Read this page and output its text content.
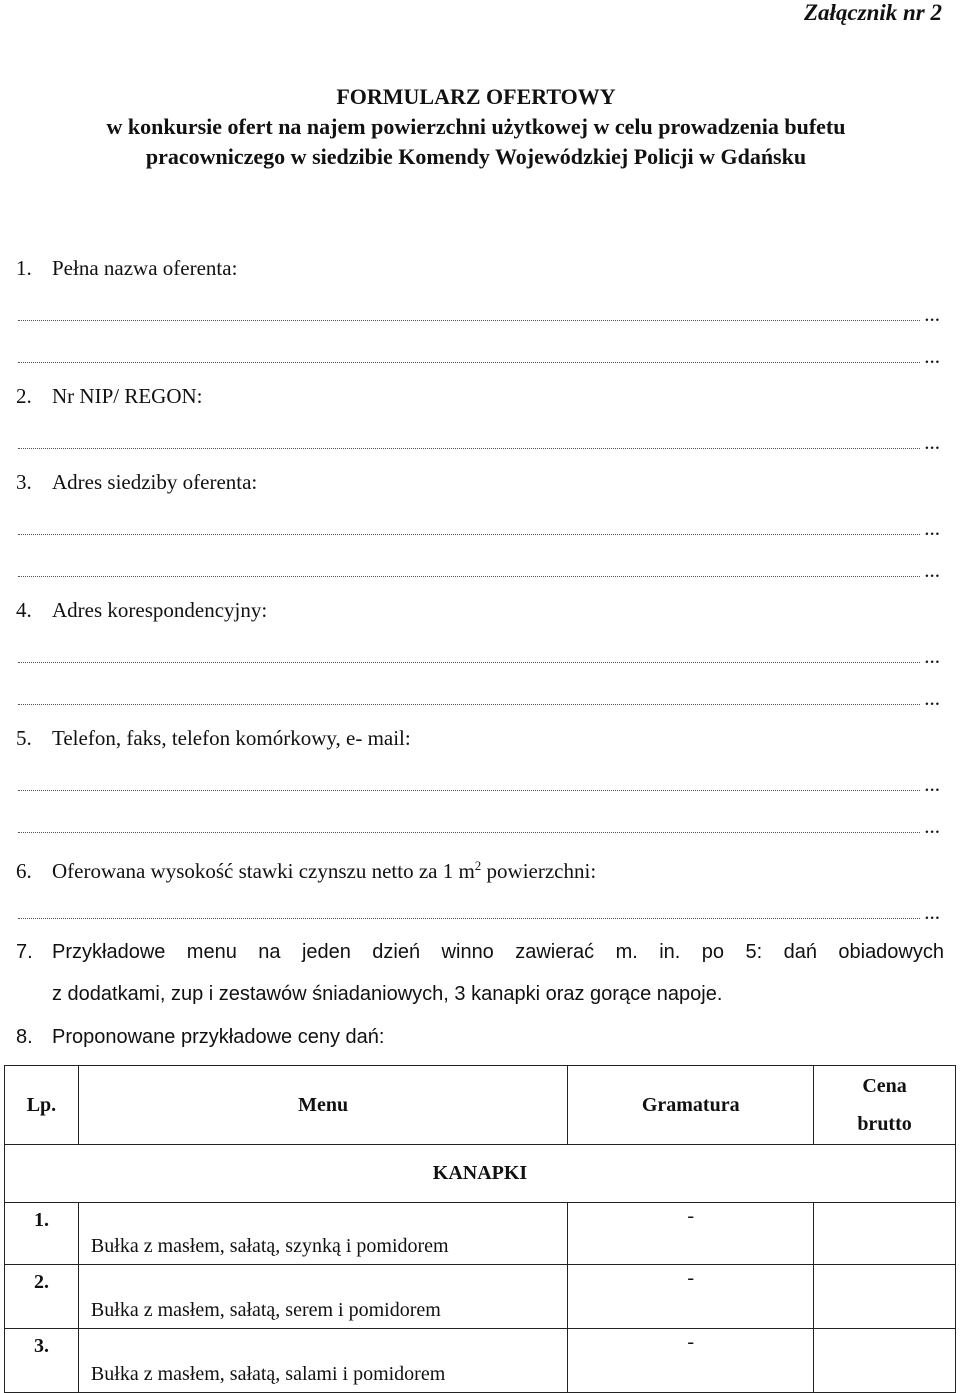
Załącznik nr 2
FORMULARZ OFERTOWY
w konkursie ofert na najem powierzchni użytkowej w celu prowadzenia bufetu
pracowniczego w siedzibie Komendy Wojewódzkiej Policji w Gdańsku
1. Pełna nazwa oferenta:
...
...
2. Nr NIP/ REGON:
...
3. Adres siedziby oferenta:
...
...
4. Adres korespondencyjny:
...
...
5. Telefon, faks, telefon komórkowy, e- mail:
...
...
6. Oferowana wysokość stawki czynszu netto za 1 $m^2$ powierzchni:
...
7. Przykładowe menu na jeden dzień winno zawierać m. in. po 5: dań obiadowych
z dodatkami, zup i zestawów śniadaniowych, 3 kanapki oraz gorące napoje.
8. Proponowane przykładowe ceny dań:
Lp.	Menu	Gramatura	Cena
brutto
KANAPKI			
1.	Bułka z masłem, sałatą, szynką i pomidorem	-	
2.	Bułka z masłem, sałatą, serem i pomidorem	-	
3.	Bułka z masłem, sałatą, salami i pomidorem	-	
